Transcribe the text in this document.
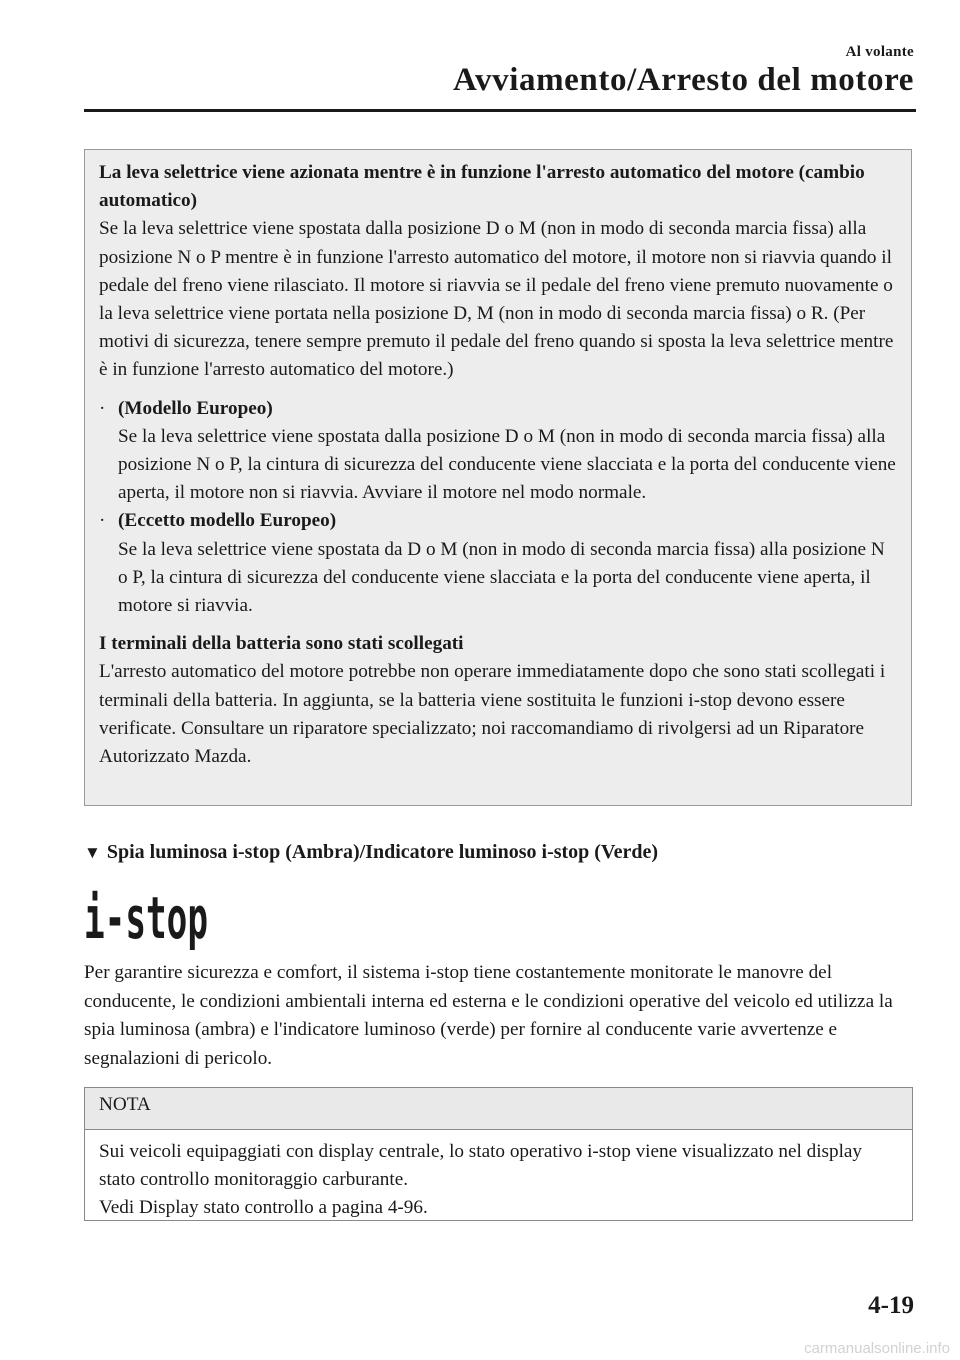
Al volante
Avviamento/Arresto del motore

La leva selettrice viene azionata mentre è in funzione l'arresto automatico del motore (cambio automatico)

Se la leva selettrice viene spostata dalla posizione D o M (non in modo di seconda marcia fissa) alla posizione N o P mentre è in funzione l'arresto automatico del motore, il motore non si riavvia quando il pedale del freno viene rilasciato. Il motore si riavvia se il pedale del freno viene premuto nuovamente o la leva selettrice viene portata nella posizione D, M (non in modo di seconda marcia fissa) o R. (Per motivi di sicurezza, tenere sempre premuto il pedale del freno quando si sposta la leva selettrice mentre è in funzione l'arresto automatico del motore.)

· (Modello Europeo)
Se la leva selettrice viene spostata dalla posizione D o M (non in modo di seconda marcia fissa) alla posizione N o P, la cintura di sicurezza del conducente viene slacciata e la porta del conducente viene aperta, il motore non si riavvia. Avviare il motore nel modo normale.
· (Eccetto modello Europeo)
Se la leva selettrice viene spostata da D o M (non in modo di seconda marcia fissa) alla posizione N o P, la cintura di sicurezza del conducente viene slacciata e la porta del conducente viene aperta, il motore si riavvia.

I terminali della batteria sono stati scollegati

L'arresto automatico del motore potrebbe non operare immediatamente dopo che sono stati scollegati i terminali della batteria. In aggiunta, se la batteria viene sostituita le funzioni i-stop devono essere verificate. Consultare un riparatore specializzato; noi raccomandiamo di rivolgersi ad un Riparatore Autorizzato Mazda.

▼ Spia luminosa i-stop (Ambra)/Indicatore luminoso i-stop (Verde)
i-stop

Per garantire sicurezza e comfort, il sistema i-stop tiene costantemente monitorate le manovre del conducente, le condizioni ambientali interna ed esterna e le condizioni operative del veicolo ed utilizza la spia luminosa (ambra) e l'indicatore luminoso (verde) per fornire al conducente varie avvertenze e segnalazioni di pericolo.

NOTA

Sui veicoli equipaggiati con display centrale, lo stato operativo i-stop viene visualizzato nel display stato controllo monitoraggio carburante.

Vedi Display stato controllo a pagina 4-96.

4-19
carmanualsonline.info
